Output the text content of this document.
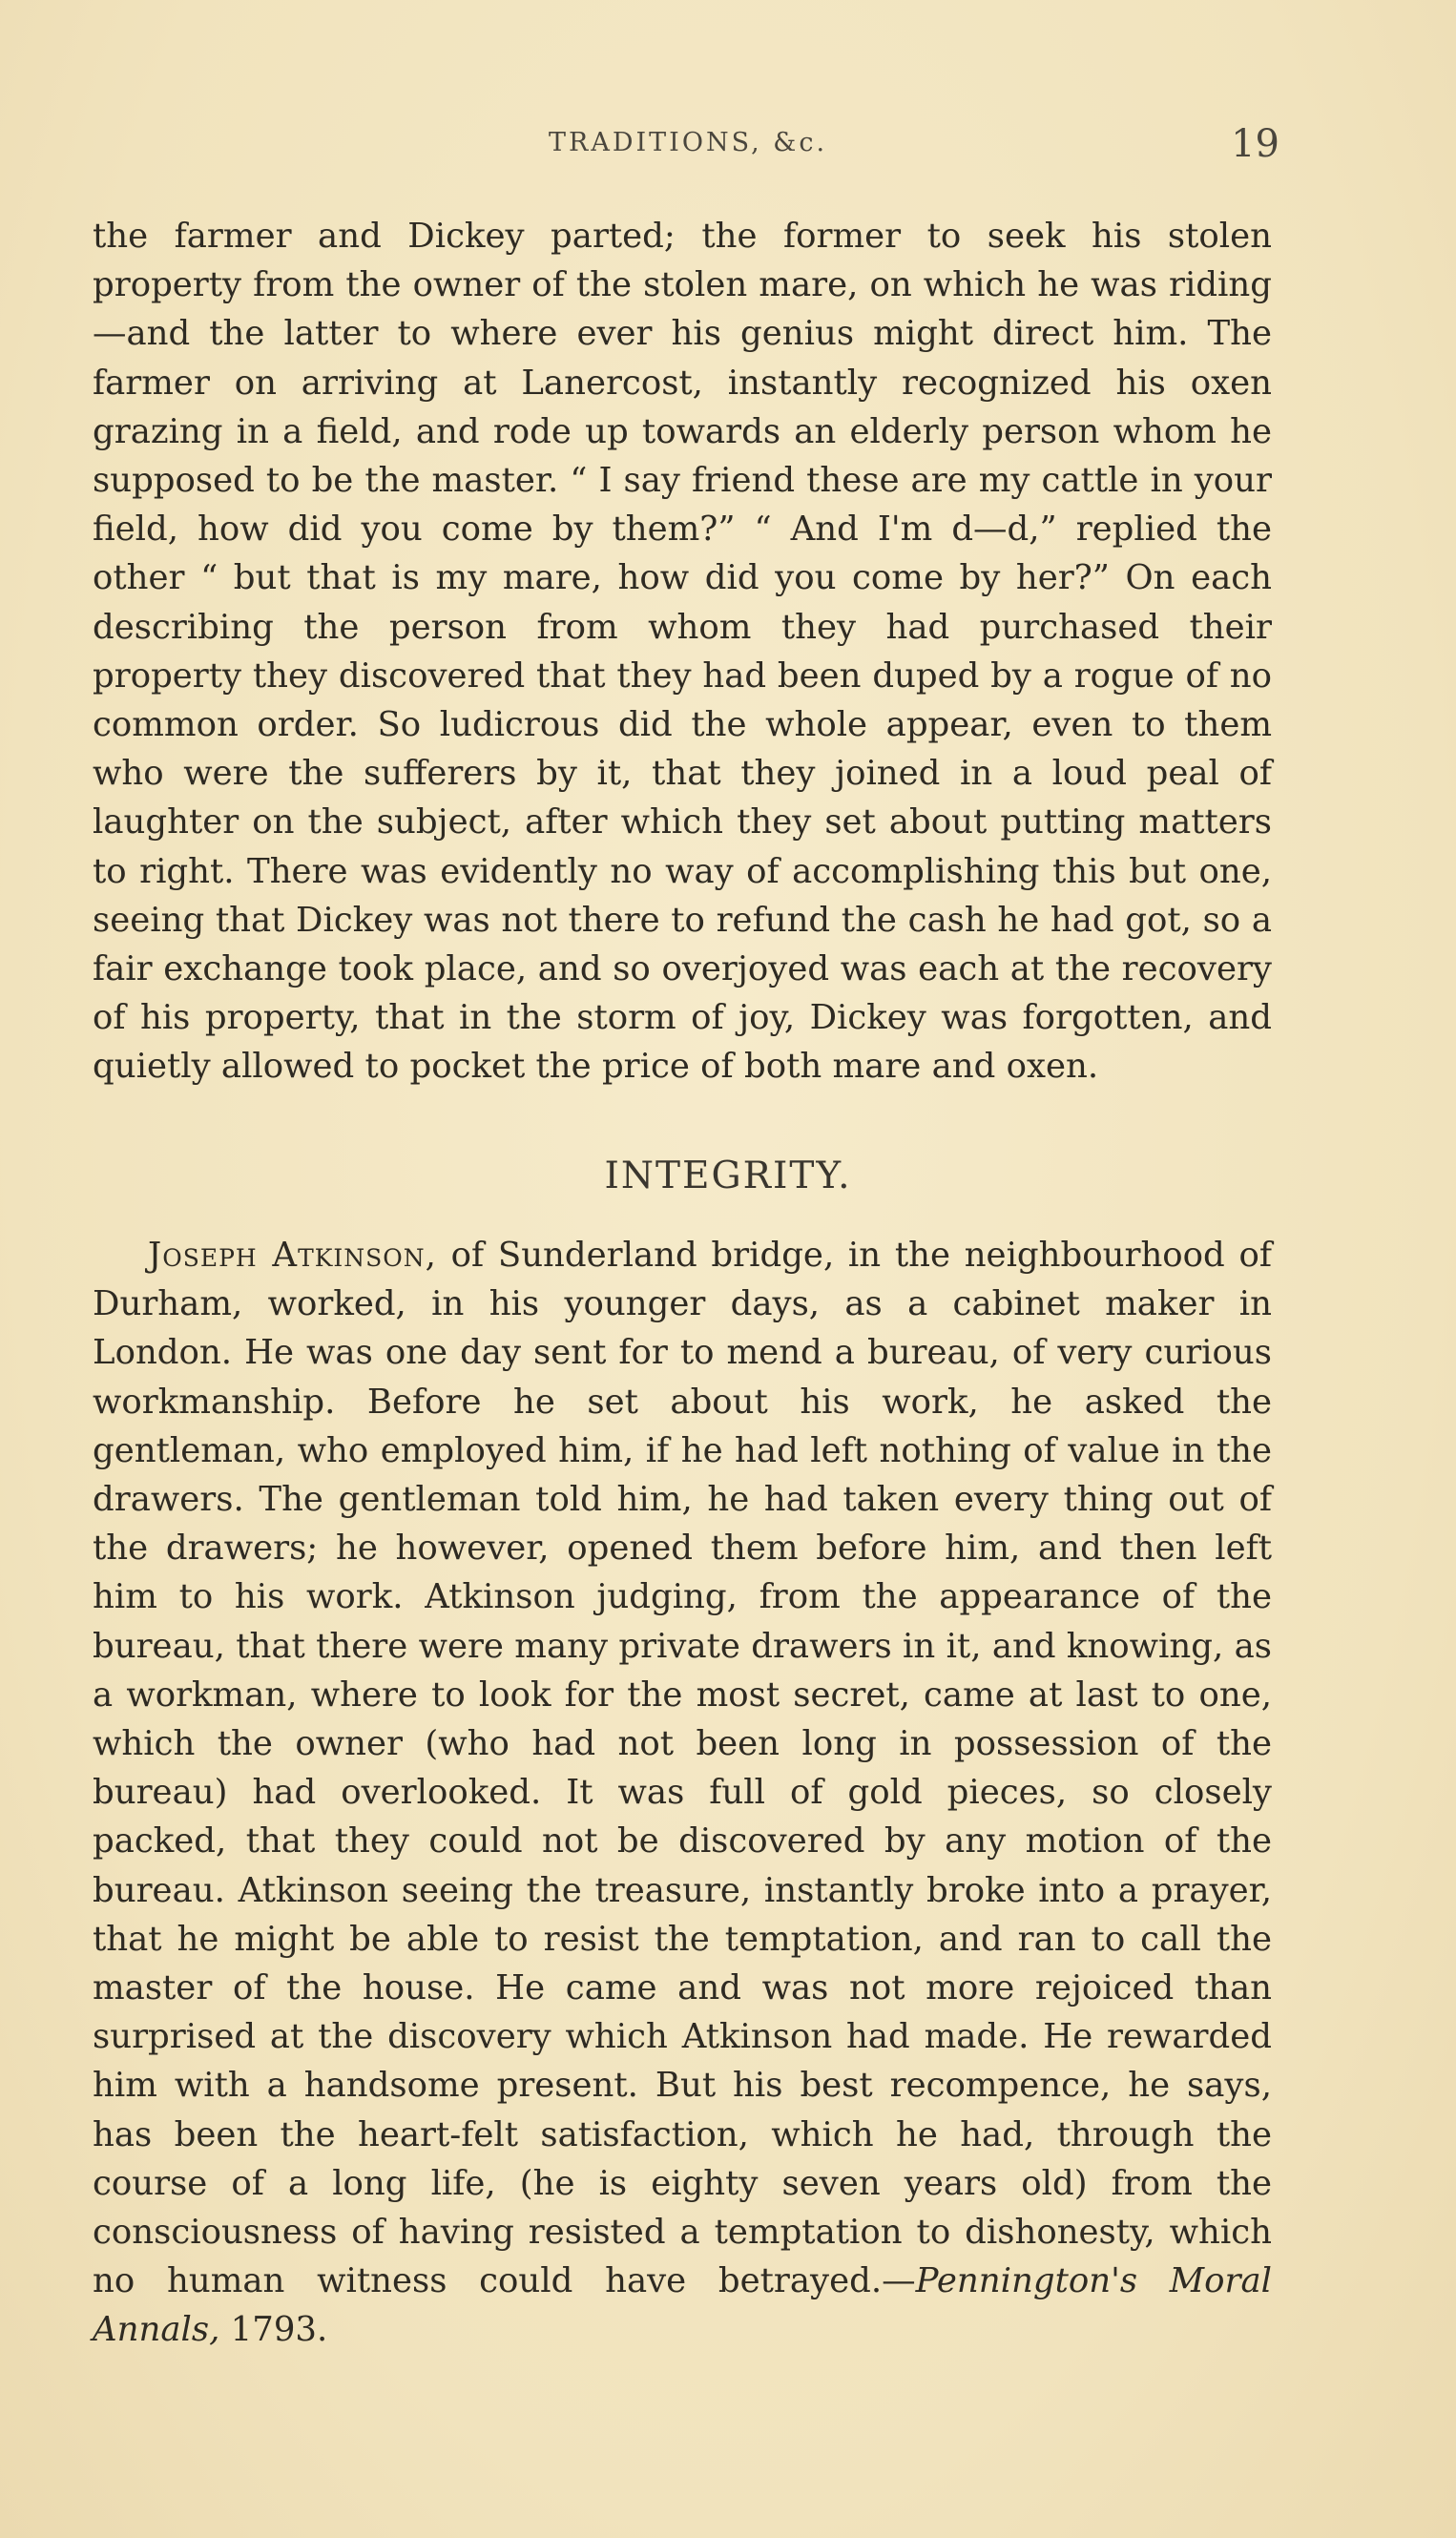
TRADITIONS, &c.	19

the farmer and Dickey parted; the former to seek his stolen property from the owner of the stolen mare, on which he was riding—and the latter to where ever his genius might direct him. The farmer on arriving at Lanercost, instantly recognized his oxen grazing in a field, and rode up towards an elderly person whom he supposed to be the master. “ I say friend these are my cattle in your field, how did you come by them?” “ And I'm d—d,” replied the other “ but that is my mare, how did you come by her?” On each describing the person from whom they had purchased their property they discovered that they had been duped by a rogue of no common order. So ludicrous did the whole appear, even to them who were the sufferers by it, that they joined in a loud peal of laughter on the subject, after which they set about putting matters to right. There was evidently no way of accomplishing this but one, seeing that Dickey was not there to refund the cash he had got, so a fair exchange took place, and so overjoyed was each at the recovery of his property, that in the storm of joy, Dickey was forgotten, and quietly allowed to pocket the price of both mare and oxen.

INTEGRITY.

Joseph Atkinson, of Sunderland bridge, in the neighbourhood of Durham, worked, in his younger days, as a cabinet maker in London. He was one day sent for to mend a bureau, of very curious workmanship. Before he set about his work, he asked the gentleman, who employed him, if he had left nothing of value in the drawers. The gentleman told him, he had taken every thing out of the drawers; he however, opened them before him, and then left him to his work. Atkinson judging, from the appearance of the bureau, that there were many private drawers in it, and knowing, as a workman, where to look for the most secret, came at last to one, which the owner (who had not been long in possession of the bureau) had overlooked. It was full of gold pieces, so closely packed, that they could not be discovered by any motion of the bureau. Atkinson seeing the treasure, instantly broke into a prayer, that he might be able to resist the temptation, and ran to call the master of the house. He came and was not more rejoiced than surprised at the discovery which Atkinson had made. He rewarded him with a handsome present. But his best recompence, he says, has been the heart-felt satisfaction, which he had, through the course of a long life, (he is eighty seven years old) from the consciousness of having resisted a temptation to dishonesty, which no human witness could have betrayed.—Pennington's Moral Annals, 1793.
